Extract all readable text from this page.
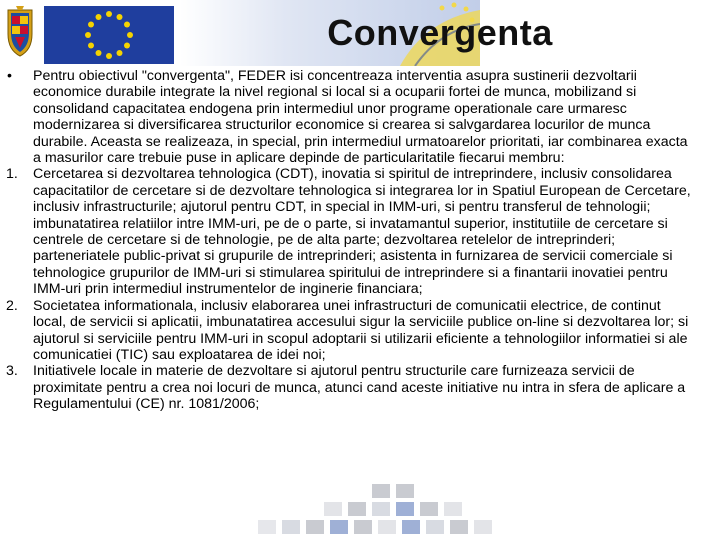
Convergenta
•	Pentru obiectivul "convergenta", FEDER isi concentreaza interventia asupra sustinerii dezvoltarii economice durabile integrate la nivel regional si local si a ocuparii fortei de munca, mobilizand si consolidand capacitatea endogena prin intermediul unor programe operationale care urmaresc modernizarea si diversificarea structurilor economice si crearea si salvgardarea locurilor de munca durabile. Aceasta se realizeaza, in special, prin intermediul urmatoarelor prioritati, iar combinarea exacta a masurilor care trebuie puse in aplicare depinde de particularitatile fiecarui membru:
1.	Cercetarea si dezvoltarea tehnologica (CDT), inovatia si spiritul de intreprindere, inclusiv consolidarea capacitatilor de cercetare si de dezvoltare tehnologica si integrarea lor in Spatiul European de Cercetare, inclusiv infrastructurile; ajutorul pentru CDT, in special in IMM-uri, si pentru transferul de tehnologii; imbunatatirea relatiilor intre IMM-uri, pe de o parte, si invatamantul superior, institutiile de cercetare si centrele de cercetare si de tehnologie, pe de alta parte; dezvoltarea retelelor de intreprinderi; parteneriatele public-privat si grupurile de intreprinderi; asistenta in furnizarea de servicii comerciale si tehnologice grupurilor de IMM-uri si stimularea spiritului de intreprindere si a finantarii inovatiei pentru IMM-uri prin intermediul instrumentelor de inginerie financiara;
2.	Societatea informationala, inclusiv elaborarea unei infrastructuri de comunicatii electrice, de continut local, de servicii si aplicatii, imbunatatirea accesului sigur la serviciile publice on-line si dezvoltarea lor; si ajutorul si serviciile pentru IMM-uri in scopul adoptarii si utilizarii eficiente a tehnologiilor informatiei si ale comunicatiei (TIC) sau exploatarea de idei noi;
3.	Initiativele locale in materie de dezvoltare si ajutorul pentru structurile care furnizeaza servicii de proximitate pentru a crea noi locuri de munca, atunci cand aceste initiative nu intra in sfera de aplicare a Regulamentului (CE) nr. 1081/2006;
